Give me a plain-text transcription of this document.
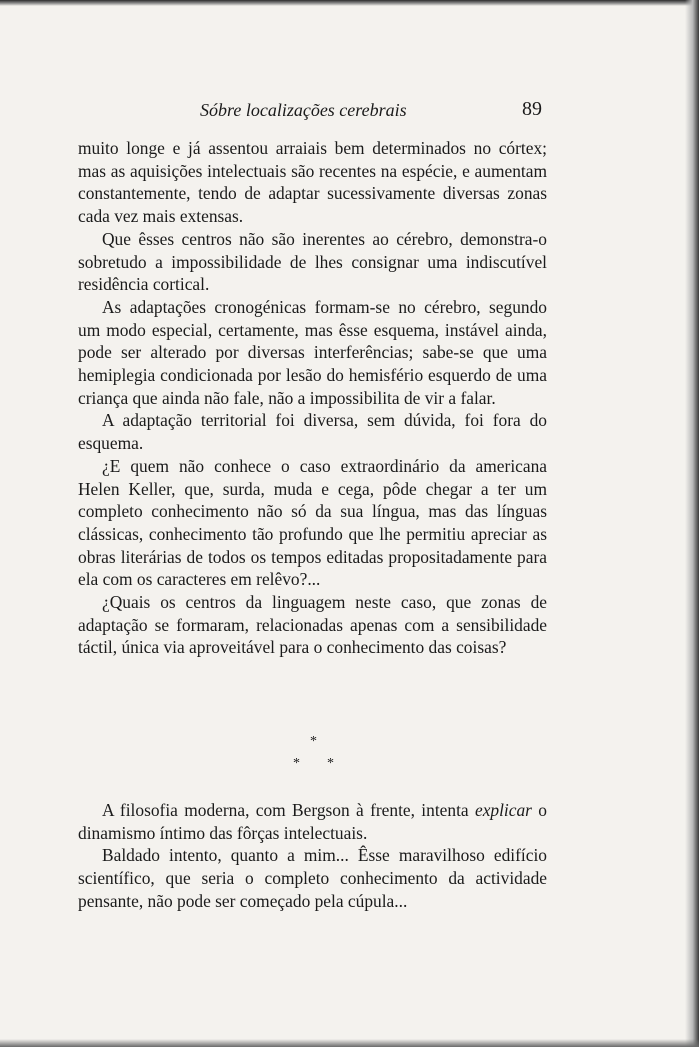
Sóbre localizações cerebrais	89

muito longe e já assentou arraiais bem determinados no córtex; mas as aquisições intelectuais são recentes na espécie, e aumentam constantemente, tendo de adaptar sucessivamente diversas zonas cada vez mais extensas.

Que êsses centros não são inerentes ao cérebro, demonstra-o sobretudo a impossibilidade de lhes consignar uma indiscutível residência cortical.

As adaptações cronogénicas formam-se no cérebro, segundo um modo especial, certamente, mas êsse esquema, instável ainda, pode ser alterado por diversas interferências; sabe-se que uma hemiplegia condicionada por lesão do hemisfério esquerdo de uma criança que ainda não fale, não a impossibilita de vir a falar.

A adaptação territorial foi diversa, sem dúvida, foi fora do esquema.

¿E quem não conhece o caso extraordinário da americana Helen Keller, que, surda, muda e cega, pôde chegar a ter um completo conhecimento não só da sua língua, mas das línguas clássicas, conhecimento tão profundo que lhe permitiu apreciar as obras literárias de todos os tempos editadas propositadamente para ela com os caracteres em relêvo?...

¿Quais os centros da linguagem neste caso, que zonas de adaptação se formaram, relacionadas apenas com a sensibilidade táctil, única via aproveitável para o conhecimento das coisas?

*
* *

A filosofia moderna, com Bergson à frente, intenta explicar o dinamismo íntimo das fôrças intelectuais.

Baldado intento, quanto a mim... Êsse maravilhoso edifício scientífico, que seria o completo conhecimento da actividade pensante, não pode ser começado pela cúpula...
